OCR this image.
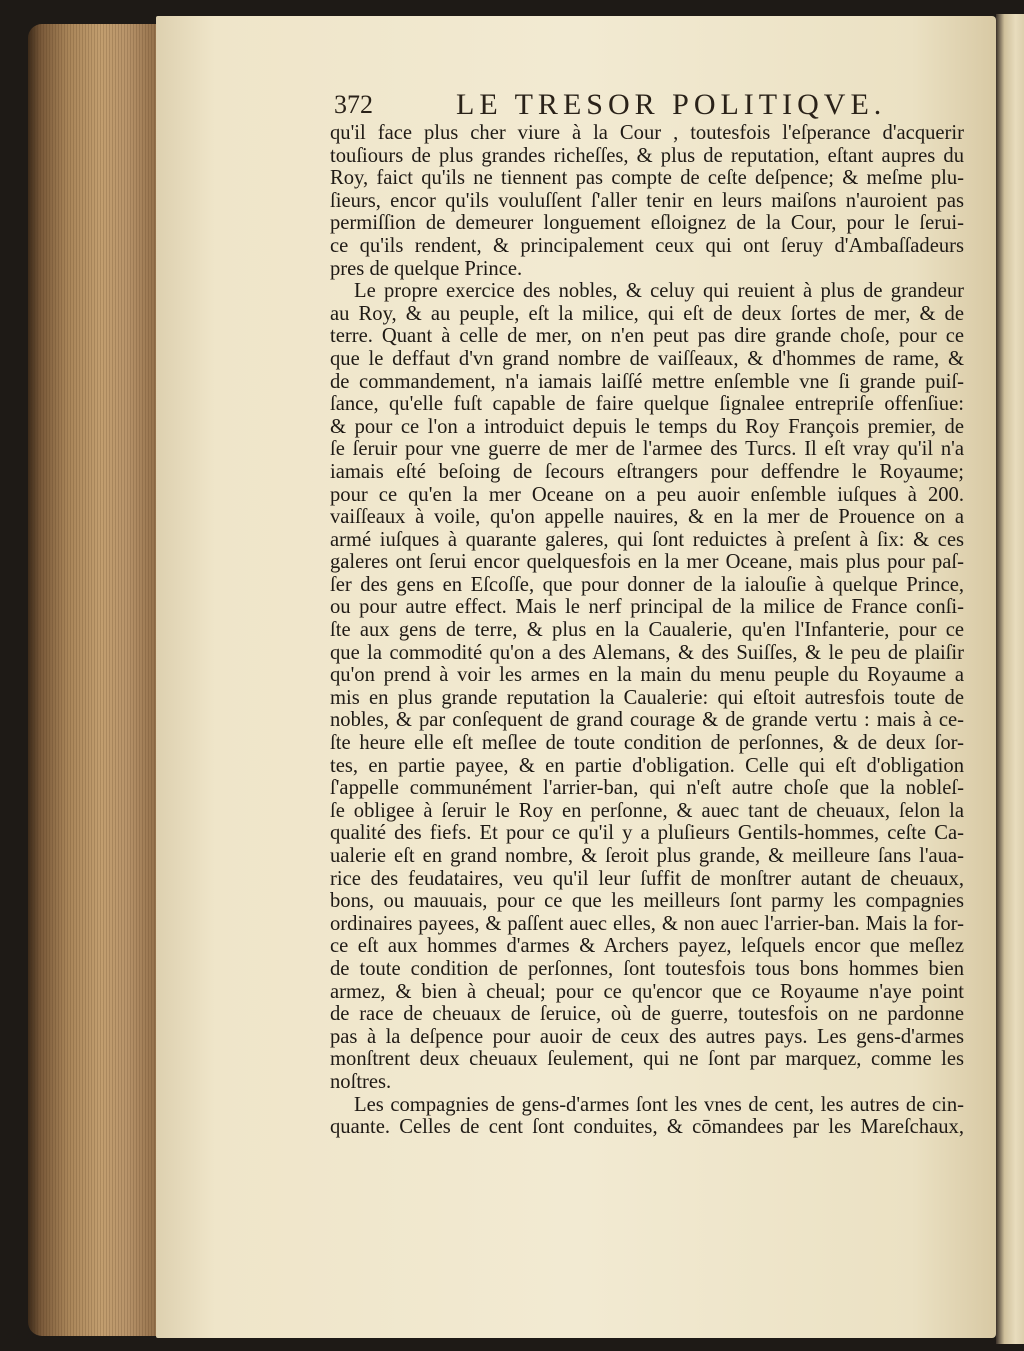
372	LE TRESOR POLITIQVE.
qu'il face plus cher viure à la Cour , toutesfois l'eſperance d'acquerir
touſiours de plus grandes richeſſes, & plus de reputation, eſtant aupres du
Roy, faict qu'ils ne tiennent pas compte de ceſte deſpence; & meſme plu-
ſieurs, encor qu'ils vouluſſent ſ'aller tenir en leurs maiſons n'auroient pas
permiſſion de demeurer longuement eſloignez de la Cour, pour le ſerui-
ce qu'ils rendent, & principalement ceux qui ont ſeruy d'Ambaſſadeurs
pres de quelque Prince.
Le propre exercice des nobles, & celuy qui reuient à plus de grandeur
au Roy, & au peuple, eſt la milice, qui eſt de deux ſortes de mer, & de
terre. Quant à celle de mer, on n'en peut pas dire grande choſe, pour ce
que le deffaut d'vn grand nombre de vaiſſeaux, & d'hommes de rame, &
de commandement, n'a iamais laiſſé mettre enſemble vne ſi grande puiſ-
ſance, qu'elle fuſt capable de faire quelque ſignalee entrepriſe offenſiue:
& pour ce l'on a introduict depuis le temps du Roy François premier, de
ſe ſeruir pour vne guerre de mer de l'armee des Turcs. Il eſt vray qu'il n'a
iamais eſté beſoing de ſecours eſtrangers pour deffendre le Royaume;
pour ce qu'en la mer Oceane on a peu auoir enſemble iuſques à 200.
vaiſſeaux à voile, qu'on appelle nauires, & en la mer de Prouence on a
armé iuſques à quarante galeres, qui ſont reduictes à preſent à ſix: & ces
galeres ont ſerui encor quelquesfois en la mer Oceane, mais plus pour paſ-
ſer des gens en Eſcoſſe, que pour donner de la ialouſie à quelque Prince,
ou pour autre effect. Mais le nerf principal de la milice de France conſi-
ſte aux gens de terre, & plus en la Caualerie, qu'en l'Infanterie, pour ce
que la commodité qu'on a des Alemans, & des Suiſſes, & le peu de plaiſir
qu'on prend à voir les armes en la main du menu peuple du Royaume a
mis en plus grande reputation la Caualerie: qui eſtoit autresfois toute de
nobles, & par conſequent de grand courage & de grande vertu : mais à ce-
ſte heure elle eſt meſlee de toute condition de perſonnes, & de deux ſor-
tes, en partie payee, & en partie d'obligation. Celle qui eſt d'obligation
ſ'appelle communément l'arrier-ban, qui n'eſt autre choſe que la nobleſ-
ſe obligee à ſeruir le Roy en perſonne, & auec tant de cheuaux, ſelon la
qualité des fiefs. Et pour ce qu'il y a pluſieurs Gentils-hommes, ceſte Ca-
ualerie eſt en grand nombre, & ſeroit plus grande, & meilleure ſans l'aua-
rice des feudataires, veu qu'il leur ſuffit de monſtrer autant de cheuaux,
bons, ou mauuais, pour ce que les meilleurs ſont parmy les compagnies
ordinaires payees, & paſſent auec elles, & non auec l'arrier-ban. Mais la for-
ce eſt aux hommes d'armes & Archers payez, leſquels encor que meſlez
de toute condition de perſonnes, ſont toutesfois tous bons hommes bien
armez, & bien à cheual; pour ce qu'encor que ce Royaume n'aye point
de race de cheuaux de ſeruice, où de guerre, toutesfois on ne pardonne
pas à la deſpence pour auoir de ceux des autres pays. Les gens-d'armes
monſtrent deux cheuaux ſeulement, qui ne ſont par marquez, comme les
noſtres.
Les compagnies de gens-d'armes ſont les vnes de cent, les autres de cin-
quante. Celles de cent ſont conduites, & cōmandees par les Mareſchaux,
